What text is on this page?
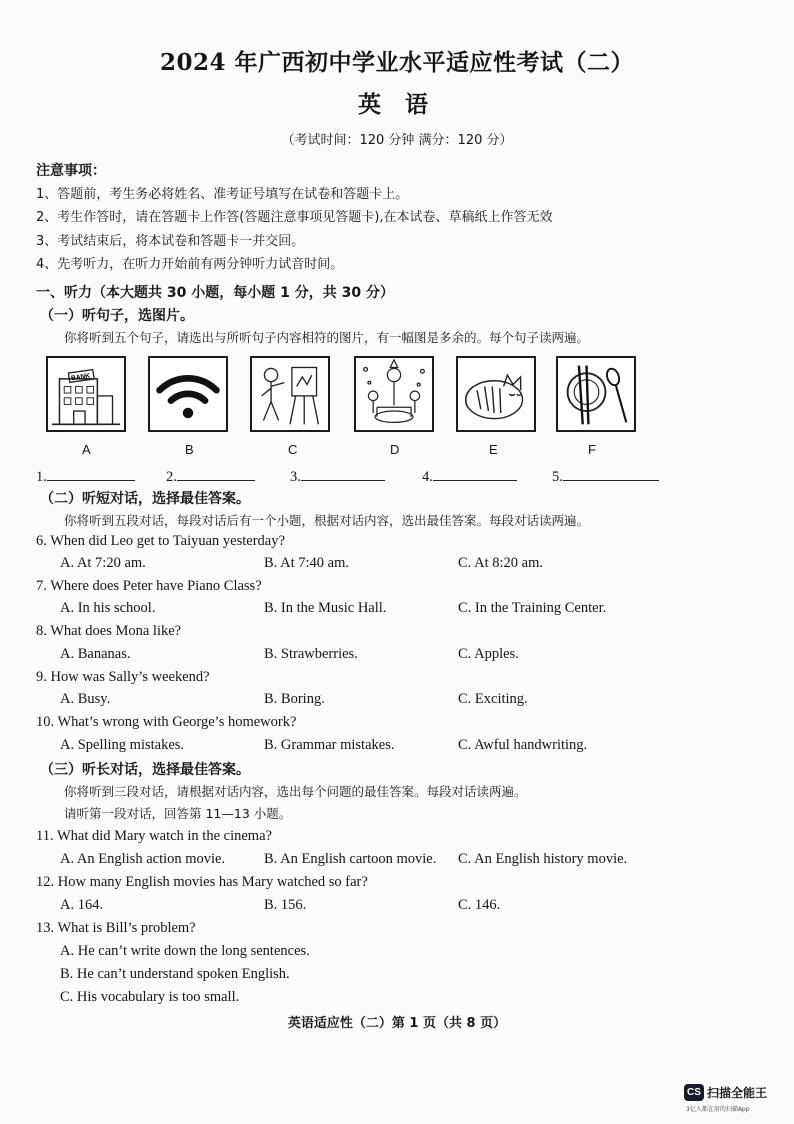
2024 年广西初中学业水平适应性考试（二）
英 语
（考试时间：120 分钟 满分：120 分）
注意事项：
1、答题前，考生务必将姓名、准考证号填写在试卷和答题卡上。
2、考生作答时，请在答题卡上作答(答题注意事项见答题卡),在本试卷、草稿纸上作答无效
3、考试结束后，将本试卷和答题卡一并交回。
4、先考听力，在听力开始前有两分钟听力试音时间。
一、听力（本大题共 30 小题，每小题 1 分，共 30 分）
（一）听句子，选图片。
你将听到五个句子，请选出与所听句子内容相符的图片，有一幅图是多余的。每个句子读两遍。
BANK
A	B	C	D	E	F
1.	2.	3.	4.	5.
（二）听短对话，选择最佳答案。
你将听到五段对话，每段对话后有一个小题，根据对话内容，选出最佳答案。每段对话读两遍。
6. When did Leo get to Taiyuan yesterday?
A. At 7:20 am.	B. At 7:40 am.	C. At 8:20 am.
7. Where does Peter have Piano Class?
A. In his school.	B. In the Music Hall.	C. In the Training Center.
8. What does Mona like?
A. Bananas.	B. Strawberries.	C. Apples.
9. How was Sally’s weekend?
A. Busy.	B. Boring.	C. Exciting.
10. What’s wrong with George’s homework?
A. Spelling mistakes.	B. Grammar mistakes.	C. Awful handwriting.
（三）听长对话，选择最佳答案。
你将听到三段对话，请根据对话内容，选出每个问题的最佳答案。每段对话读两遍。
请听第一段对话，回答第 11—13 小题。
11. What did Mary watch in the cinema?
A. An English action movie.	B. An English cartoon movie. C. An English history movie.
12. How many English movies has Mary watched so far?
A. 164.	B. 156.	C. 146.
13. What is Bill’s problem?
A. He can’t write down the long sentences.
B. He can’t understand spoken English.
C. His vocabulary is too small.
英语适应性（二）第 1 页（共 8 页）
CS 扫描全能王
3亿人都在用的扫描App
